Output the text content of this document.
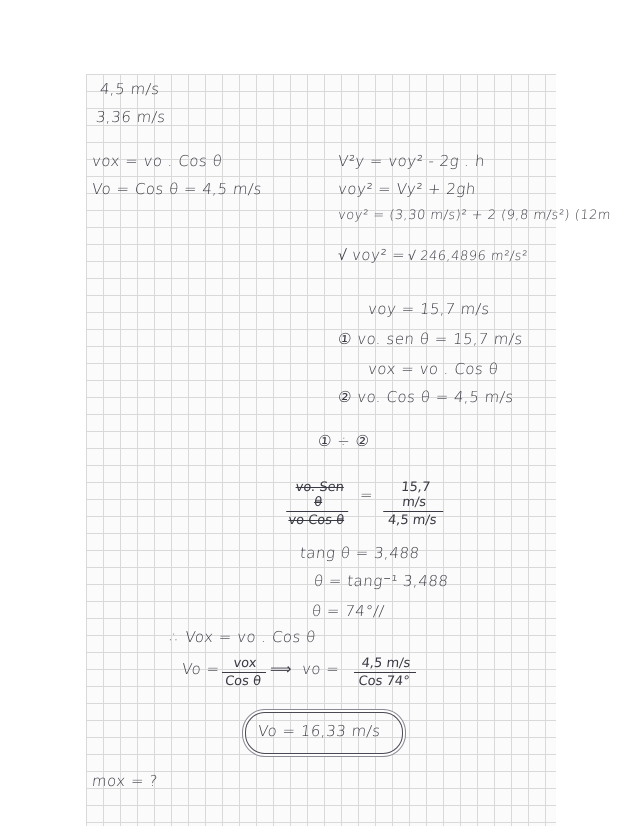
4,5 m/s
3,36 m/s
vox = vo . Cos θ
Vo = Cos θ = 4,5 m/s
V²y = voy² - 2g . h
voy² = Vy² + 2gh
voy² = (3,30 m/s)² + 2 (9,8 m/s²) (12m
√ voy² = √ 246,4896 m²/s²
voy = 15,7 m/s
① vo. sen θ = 15,7 m/s
vox = vo . Cos θ
② vo. Cos θ = 4,5 m/s
① ÷ ②
vo. Sen θ
vo Cos θ
= $\frac{15,7 m/s}{4,5 m/s}$
tang θ = 3,488
θ = tang⁻¹ 3,488
θ = 74°//
∴ Vox = vo . Cos θ
Vo = vox
Cos θ
⟹ vo =	4,5 m/s
Cos 74°
Vo = 16,33 m/s
mox = ?
